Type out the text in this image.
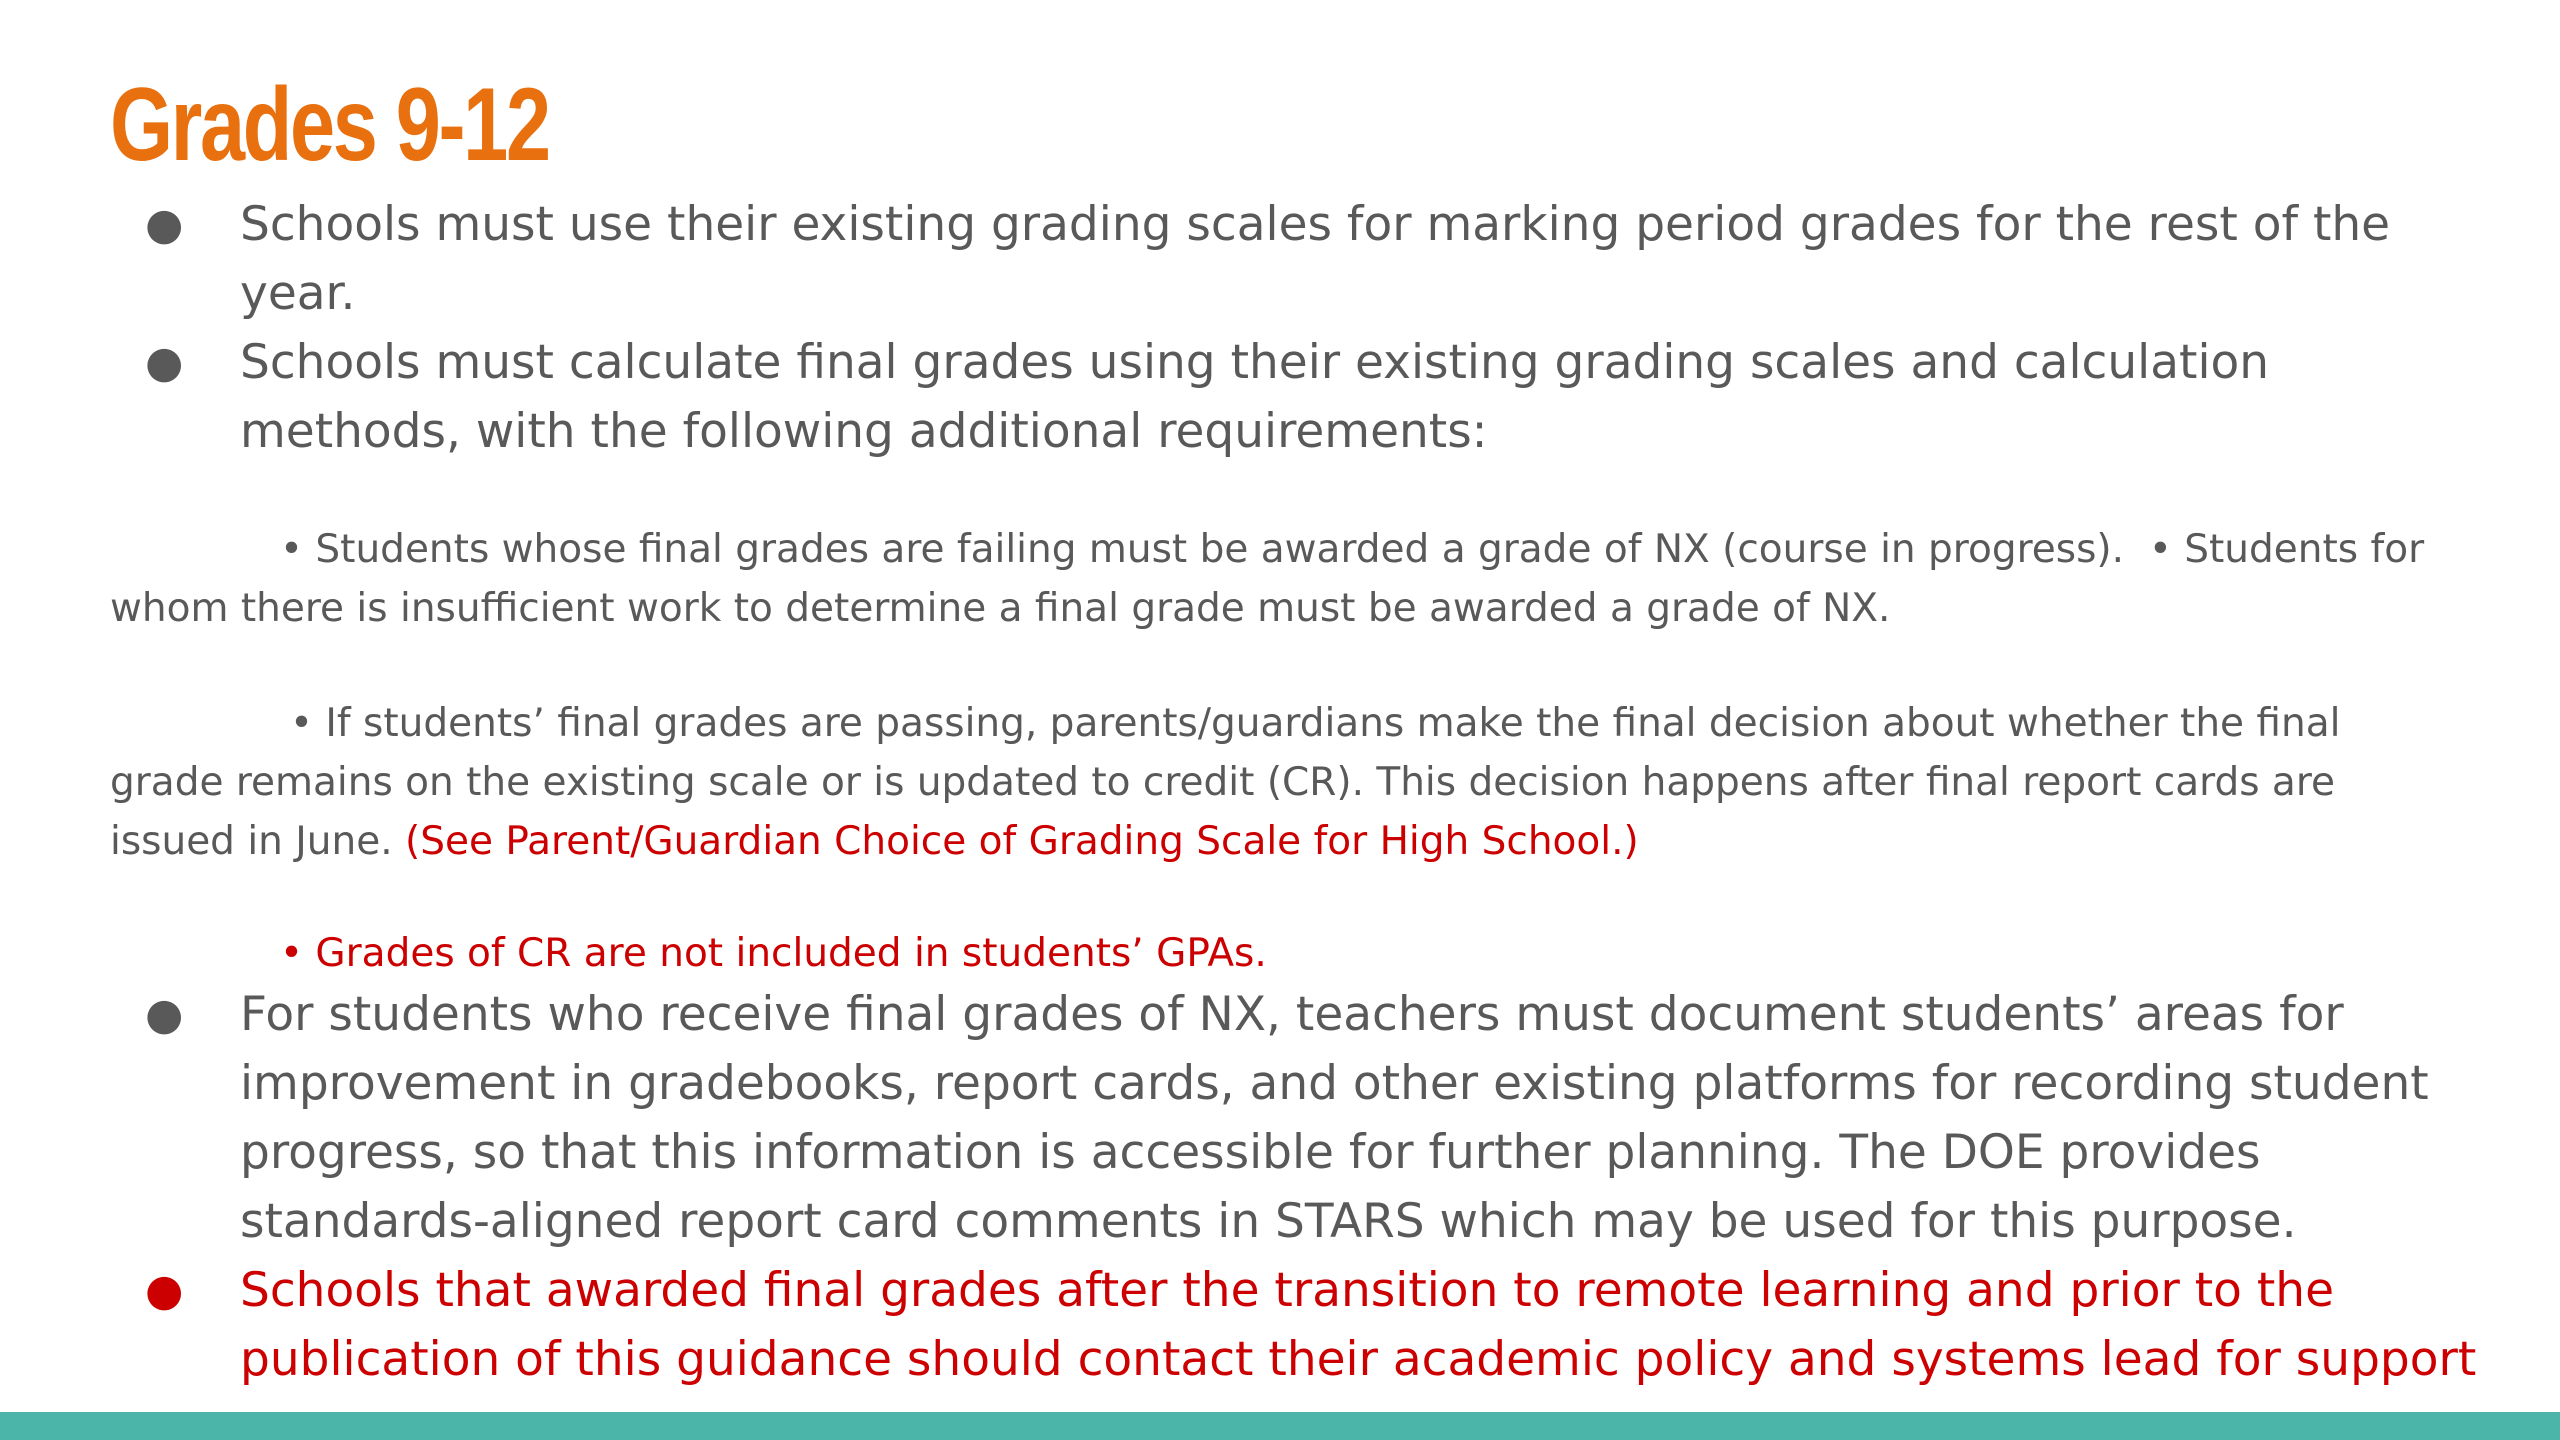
Grades 9-12
● Schools must use their existing grading scales for marking period grades for the rest of the year.
● Schools must calculate final grades using their existing grading scales and calculation methods, with the following additional requirements:
• Students whose final grades are failing must be awarded a grade of NX (course in progress). • Students for whom there is insufficient work to determine a final grade must be awarded a grade of NX.
• If students’ final grades are passing, parents/guardians make the final decision about whether the final grade remains on the existing scale or is updated to credit (CR). This decision happens after final report cards are issued in June. (See Parent/Guardian Choice of Grading Scale for High School.)
• Grades of CR are not included in students’ GPAs.
● For students who receive final grades of NX, teachers must document students’ areas for improvement in gradebooks, report cards, and other existing platforms for recording student progress, so that this information is accessible for further planning. The DOE provides standards-aligned report card comments in STARS which may be used for this purpose.
● Schools that awarded final grades after the transition to remote learning and prior to the publication of this guidance should contact their academic policy and systems lead for support
